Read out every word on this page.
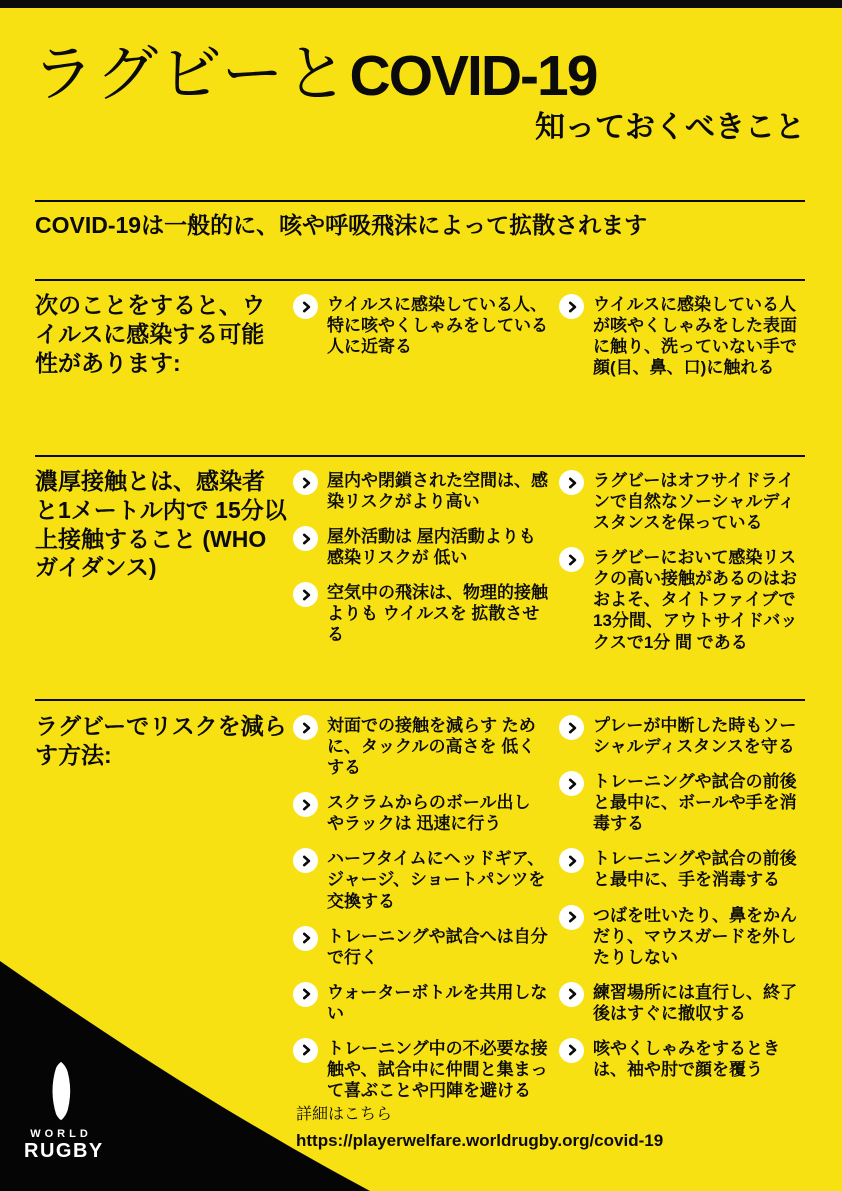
ラグビーとCOVID-19
知っておくべきこと
COVID-19は一般的に、咳や呼吸飛沫によって拡散されます
次のことをすると、ウイルスに感染する可能性があります:
ウイルスに感染している人、特に咳やくしゃみをしている人に近寄る
ウイルスに感染している人が咳やくしゃみをした表面に触り、洗っていない手で顔(目、鼻、口)に触れる
濃厚接触とは、感染者と1メートル内で 15分以上接触すること (WHO ガイダンス)
屋内や閉鎖された空間は、感染リスクがより高い
屋外活動は 屋内活動よりも 感染リスクが 低い
空気中の飛沫は、物理的接触よりも ウイルスを 拡散させる
ラグビーはオフサイドラインで自然なソーシャルディスタンスを保っている
ラグビーにおいて感染リスクの高い接触があるのはおおよそ、タイトファイブで13分間、アウトサイドバックスで1分 間 である
ラグビーでリスクを減らす方法:
対面での接触を減らす ために、タックルの高さを 低くする
スクラムからのボール出し やラックは 迅速に行う
ハーフタイムにヘッドギア、ジャージ、ショートパンツを交換する
トレーニングや試合へは自分で行く
ウォーターボトルを共用しない
トレーニング中の不必要な接触や、試合中に仲間と集まって喜ぶことや円陣を避ける
プレーが中断した時もソーシャルディスタンスを守る
トレーニングや試合の前後と最中に、ボールや手を消毒する
トレーニングや試合の前後と最中に、手を消毒する
つばを吐いたり、鼻をかんだり、マウスガードを外したりしない
練習場所には直行し、終了後はすぐに撤収する
咳やくしゃみをするときは、袖や肘で顔を覆う
WORLD
RUGBY
詳細はこちら
https://playerwelfare.worldrugby.org/covid-19
